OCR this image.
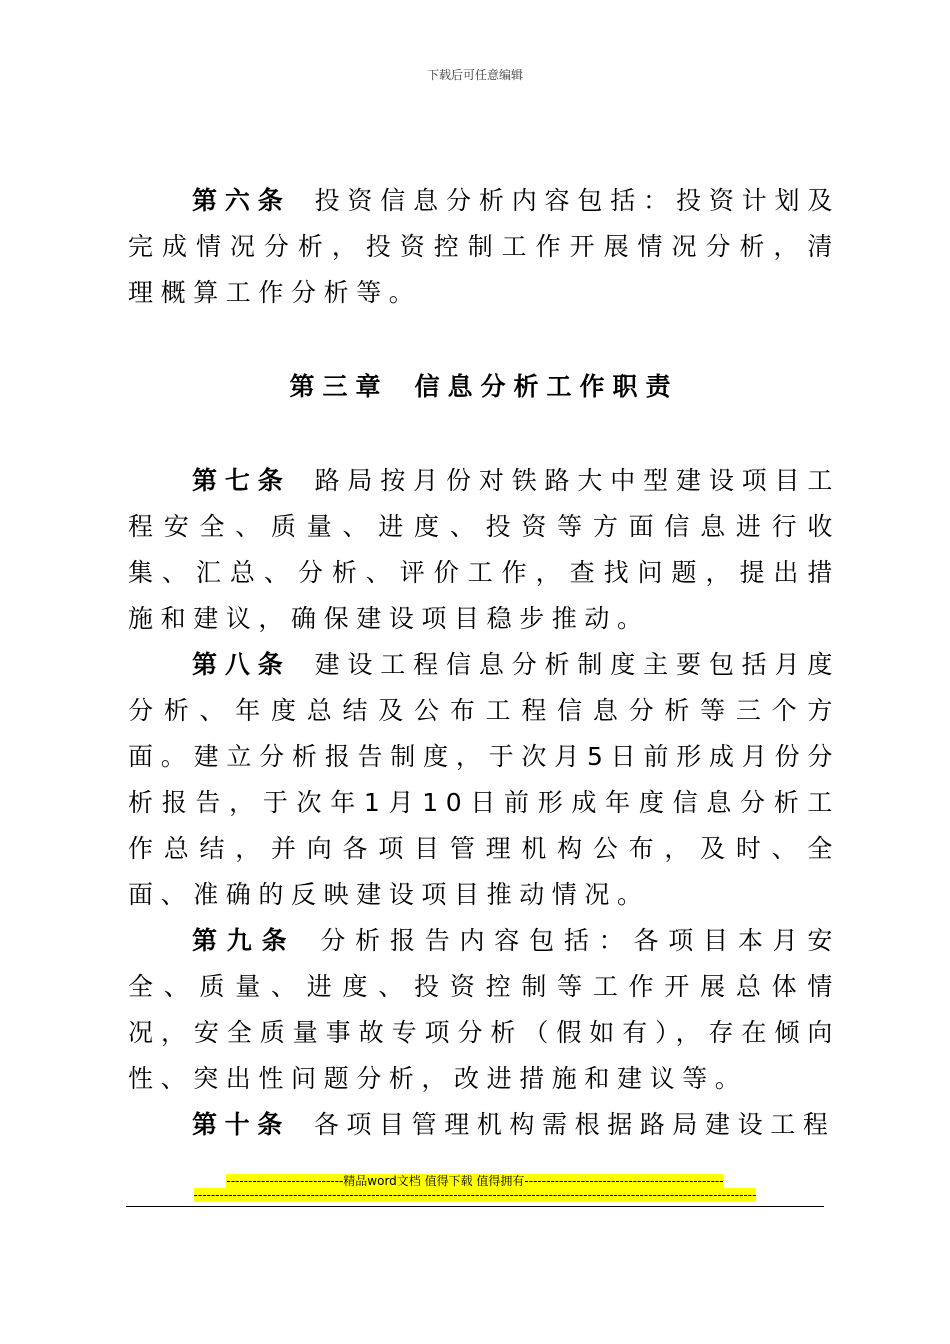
下载后可任意编辑

第六条 投资信息分析内容包括：投资计划及完成情况分析，投资控制工作开展情况分析，清理概算工作分析等。

第三章 信息分析工作职责

第七条 路局按月份对铁路大中型建设项目工程安全、质量、进度、投资等方面信息进行收集、汇总、分析、评价工作，查找问题，提出措施和建议，确保建设项目稳步推动。

第八条 建设工程信息分析制度主要包括月度分析、年度总结及公布工程信息分析等三个方面。建立分析报告制度，于次月5日前形成月份分析报告，于次年1月10日前形成年度信息分析工作总结，并向各项目管理机构公布，及时、全面、准确的反映建设项目推动情况。

第九条 分析报告内容包括：各项目本月安全、质量、进度、投资控制等工作开展总体情况，安全质量事故专项分析（假如有），存在倾向性、突出性问题分析，改进措施和建议等。

第十条 各项目管理机构需根据路局建设工程

---------------------------精品word文档 值得下载 值得拥有----------------------------------------------
----------------------------------------------------------------------------------------------------------------------------------
